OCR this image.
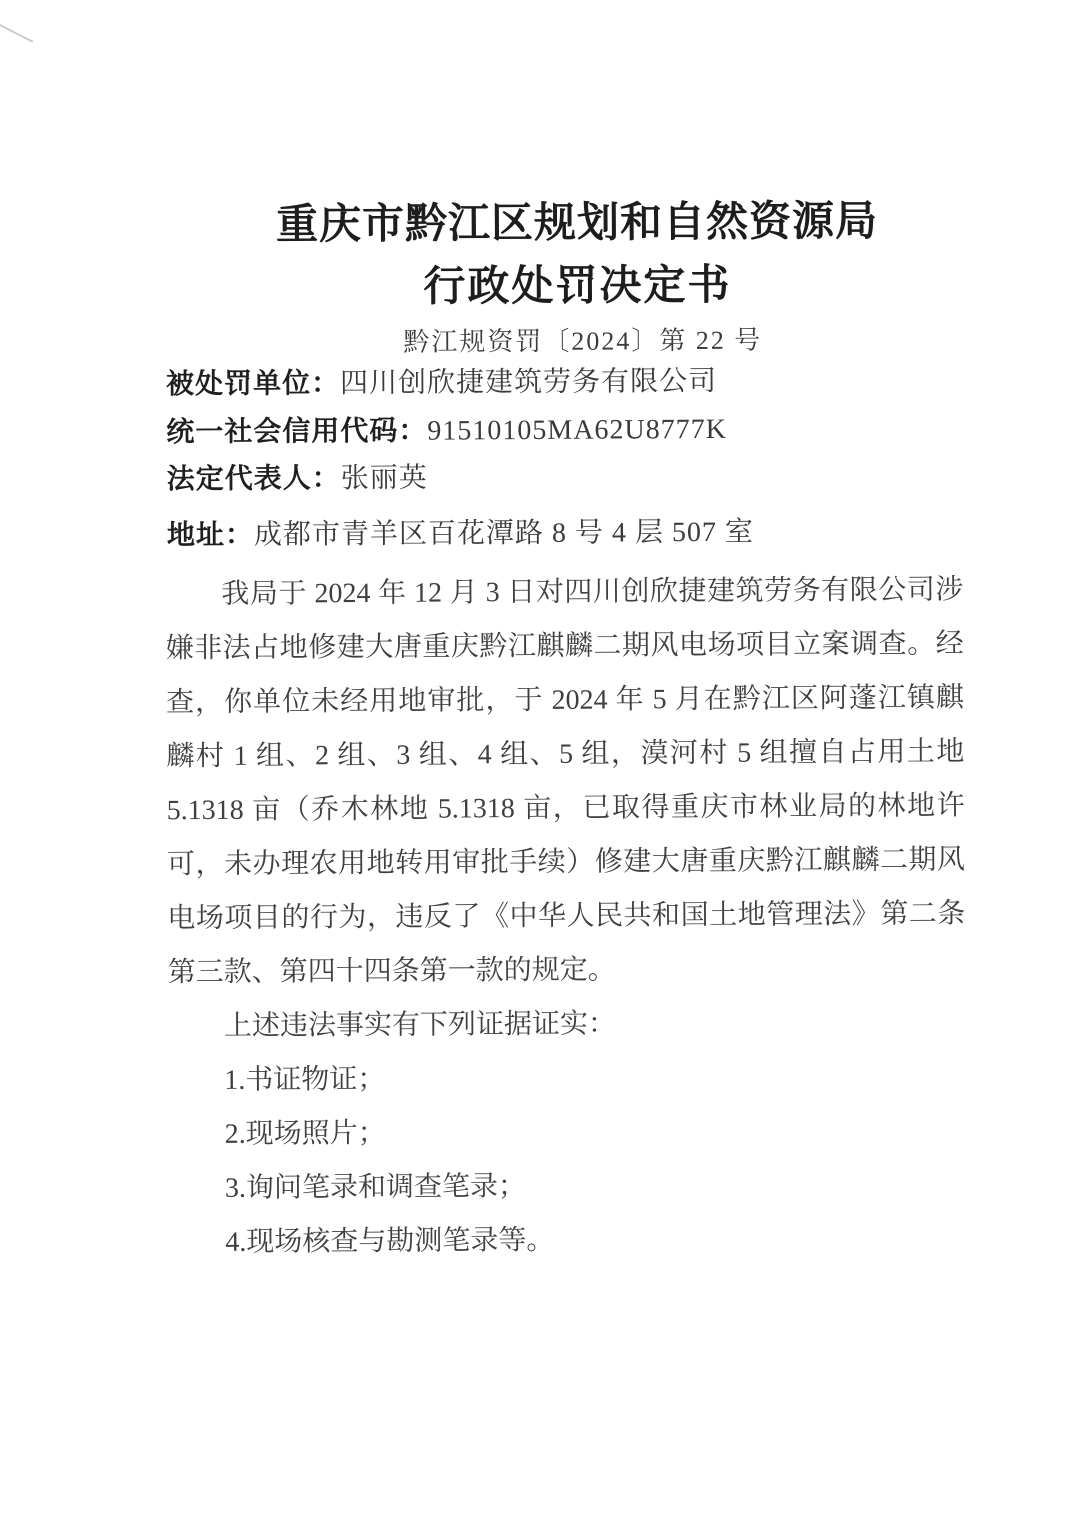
重庆市黔江区规划和自然资源局
行政处罚决定书
黔江规资罚〔2024〕第 22 号
被处罚单位：四川创欣捷建筑劳务有限公司
统一社会信用代码：91510105MA62U8777K
法定代表人：张丽英
地址：成都市青羊区百花潭路 8 号 4 层 507 室
我局于 2024 年 12 月 3 日对四川创欣捷建筑劳务有限公司涉
嫌非法占地修建大唐重庆黔江麒麟二期风电场项目立案调查。经
查，你单位未经用地审批，于 2024 年 5 月在黔江区阿蓬江镇麒
麟村 1 组、2 组、3 组、4 组、5 组，漠河村 5 组擅自占用土地
5.1318 亩（乔木林地 5.1318 亩，已取得重庆市林业局的林地许
可，未办理农用地转用审批手续）修建大唐重庆黔江麒麟二期风
电场项目的行为，违反了《中华人民共和国土地管理法》第二条
第三款、第四十四条第一款的规定。
上述违法事实有下列证据证实：
1.书证物证；
2.现场照片；
3.询问笔录和调查笔录；
4.现场核查与勘测笔录等。
